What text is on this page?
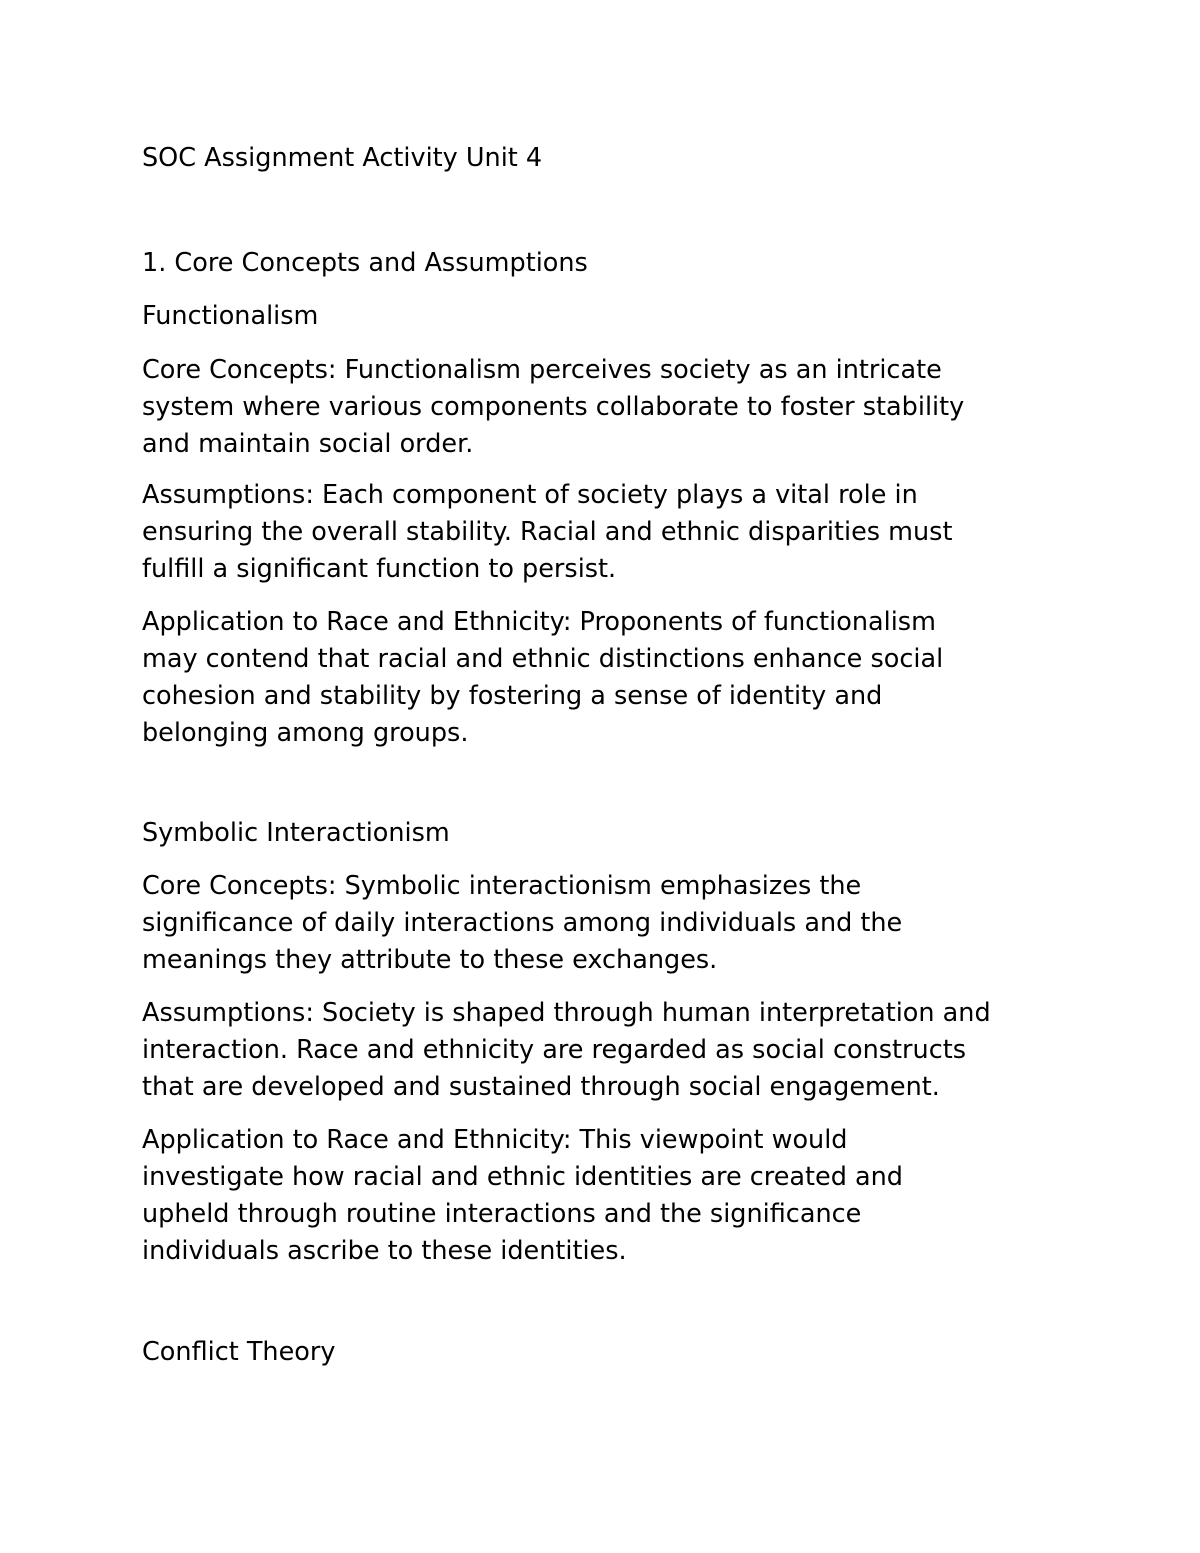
SOC Assignment Activity Unit 4
1. Core Concepts and Assumptions
Functionalism
Core Concepts: Functionalism perceives society as an intricate
system where various components collaborate to foster stability
and maintain social order.
Assumptions: Each component of society plays a vital role in
ensuring the overall stability. Racial and ethnic disparities must
fulfill a significant function to persist.
Application to Race and Ethnicity: Proponents of functionalism
may contend that racial and ethnic distinctions enhance social
cohesion and stability by fostering a sense of identity and
belonging among groups.
Symbolic Interactionism
Core Concepts: Symbolic interactionism emphasizes the
significance of daily interactions among individuals and the
meanings they attribute to these exchanges.
Assumptions: Society is shaped through human interpretation and
interaction. Race and ethnicity are regarded as social constructs
that are developed and sustained through social engagement.
Application to Race and Ethnicity: This viewpoint would
investigate how racial and ethnic identities are created and
upheld through routine interactions and the significance
individuals ascribe to these identities.
Conflict Theory
